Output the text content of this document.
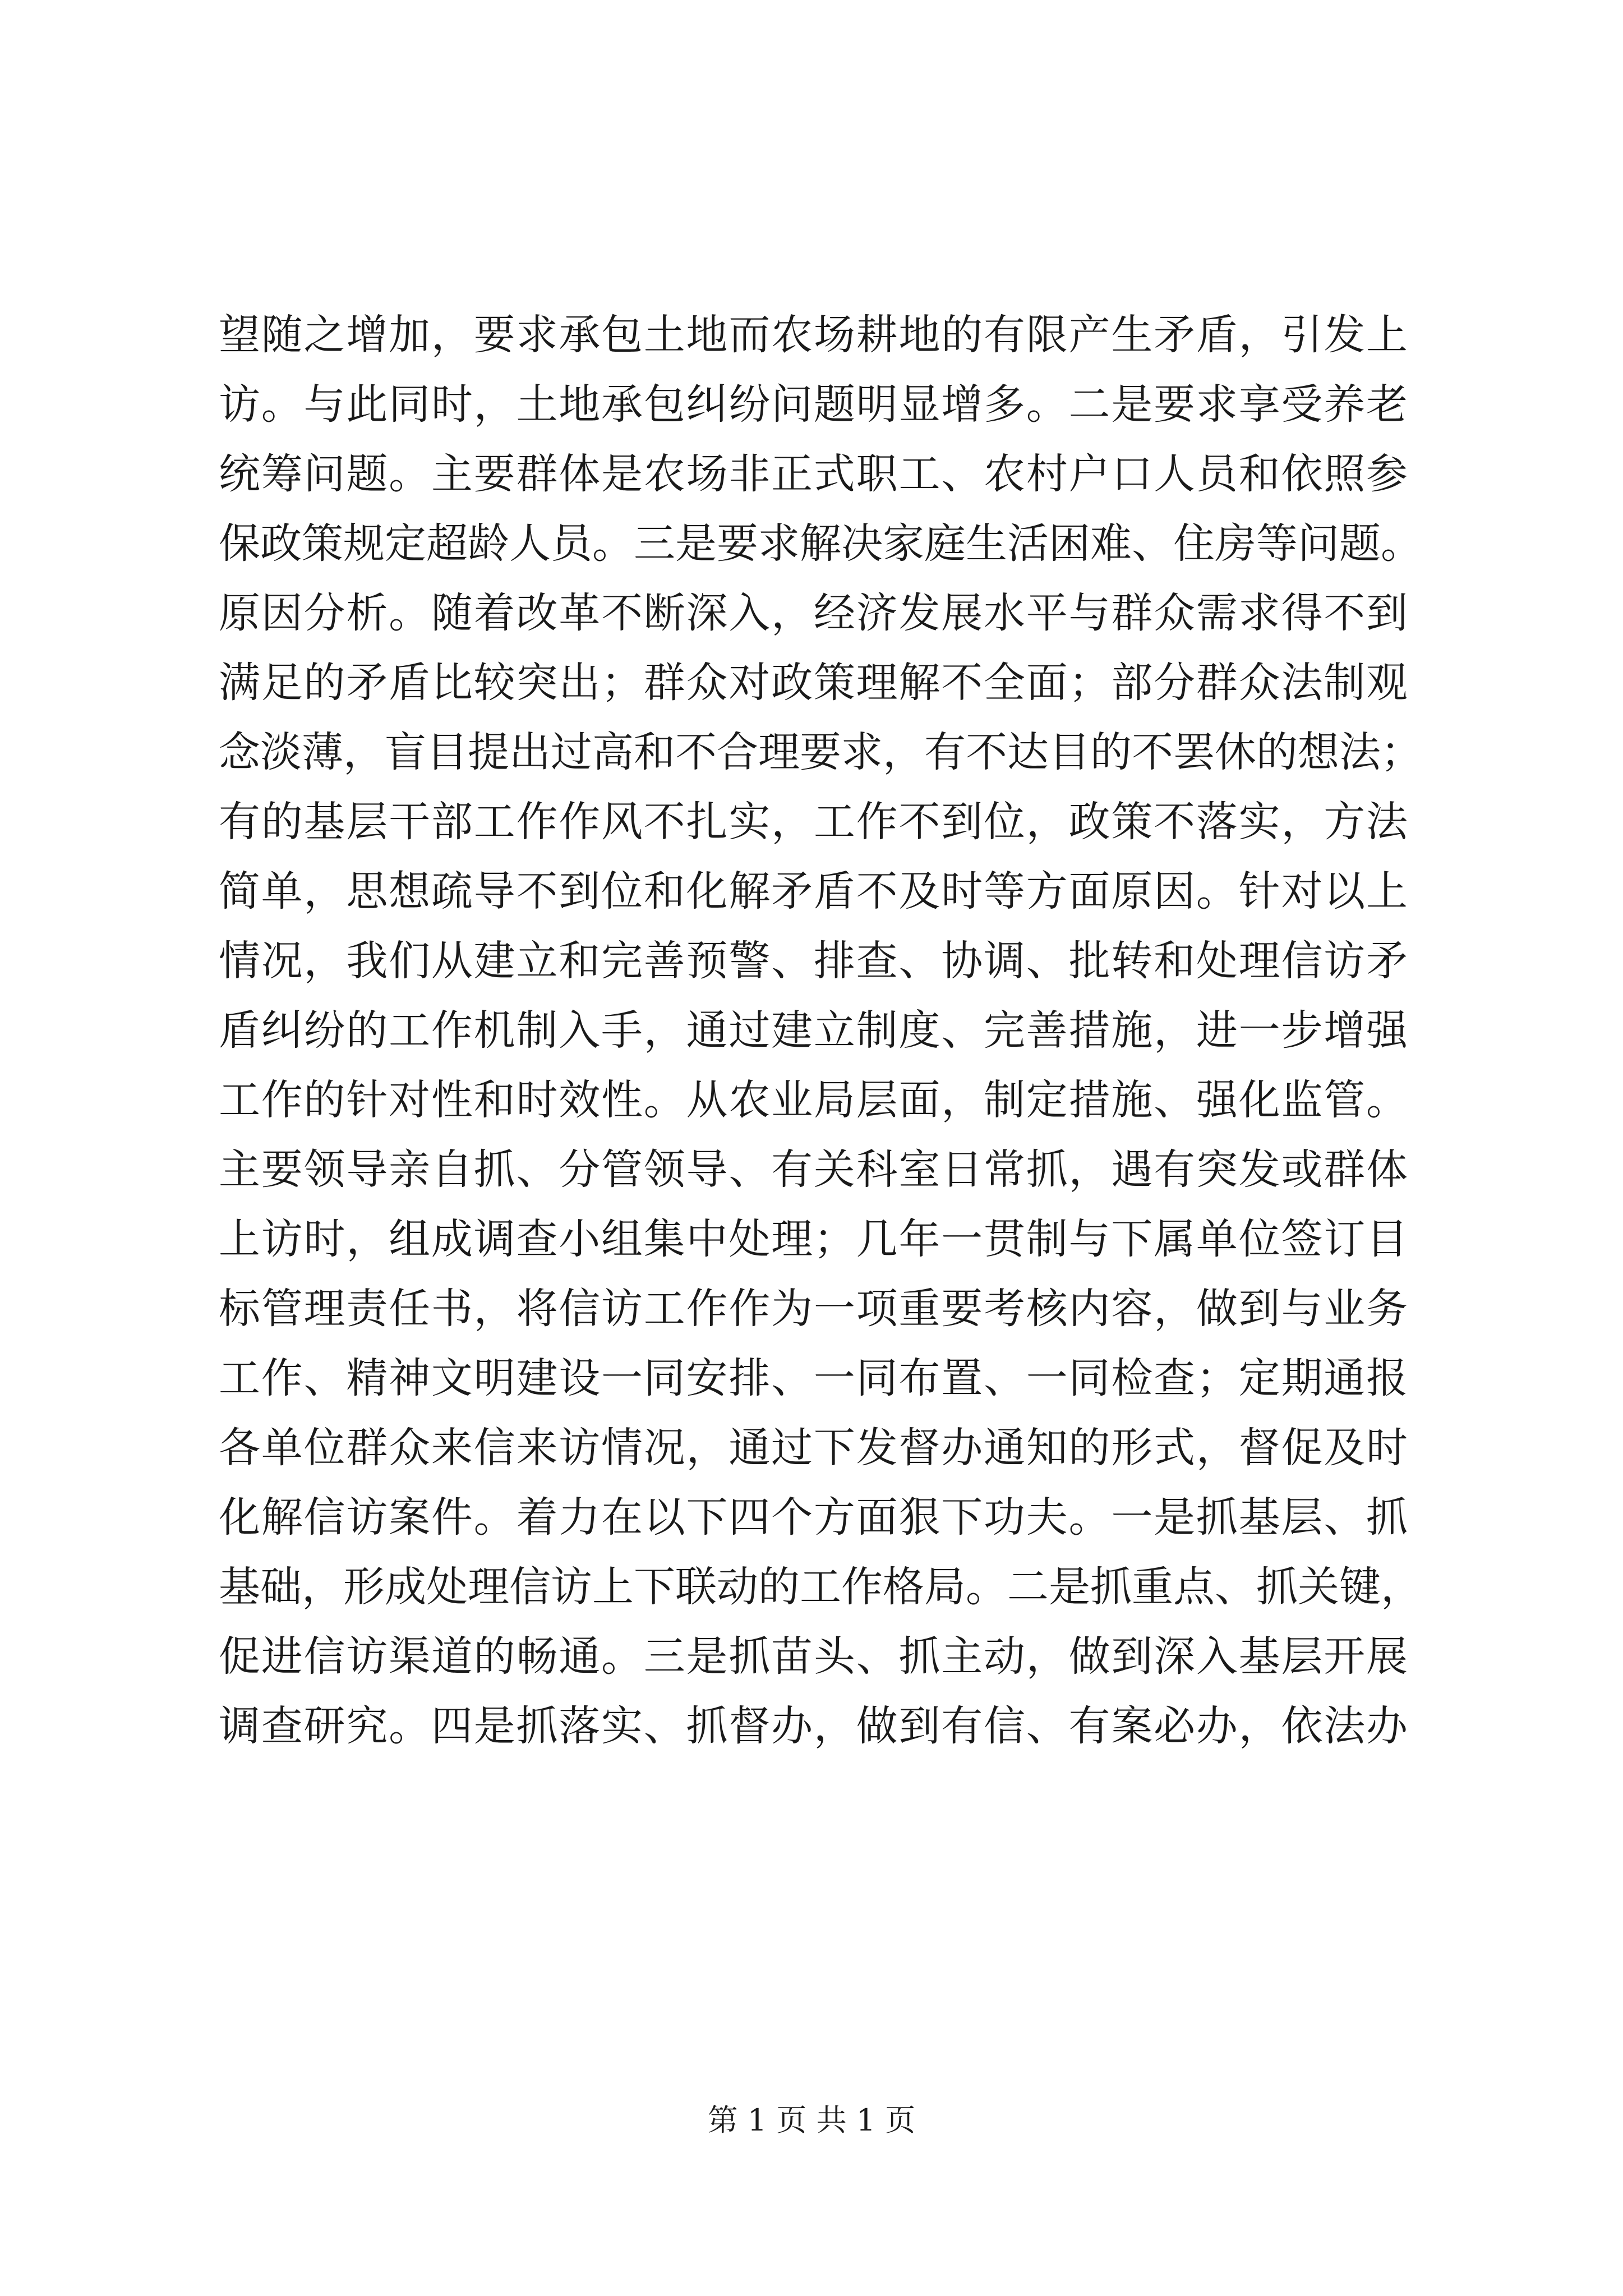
望随之增加，要求承包土地而农场耕地的有限产生矛盾，引发上
访。与此同时，土地承包纠纷问题明显增多。二是要求享受养老
统筹问题。主要群体是农场非正式职工、农村户口人员和依照参
保政策规定超龄人员。三是要求解决家庭生活困难、住房等问题。
原因分析。随着改革不断深入，经济发展水平与群众需求得不到
满足的矛盾比较突出；群众对政策理解不全面；部分群众法制观
念淡薄，盲目提出过高和不合理要求，有不达目的不罢休的想法；
有的基层干部工作作风不扎实，工作不到位，政策不落实，方法
简单，思想疏导不到位和化解矛盾不及时等方面原因。针对以上
情况，我们从建立和完善预警、排查、协调、批转和处理信访矛
盾纠纷的工作机制入手，通过建立制度、完善措施，进一步增强
工作的针对性和时效性。从农业局层面，制定措施、强化监管。
主要领导亲自抓、分管领导、有关科室日常抓，遇有突发或群体
上访时，组成调查小组集中处理；几年一贯制与下属单位签订目
标管理责任书，将信访工作作为一项重要考核内容，做到与业务
工作、精神文明建设一同安排、一同布置、一同检查；定期通报
各单位群众来信来访情况，通过下发督办通知的形式，督促及时
化解信访案件。着力在以下四个方面狠下功夫。一是抓基层、抓
基础，形成处理信访上下联动的工作格局。二是抓重点、抓关键，
促进信访渠道的畅通。三是抓苗头、抓主动，做到深入基层开展
调查研究。四是抓落实、抓督办，做到有信、有案必办，依法办
第 1 页 共 1 页
